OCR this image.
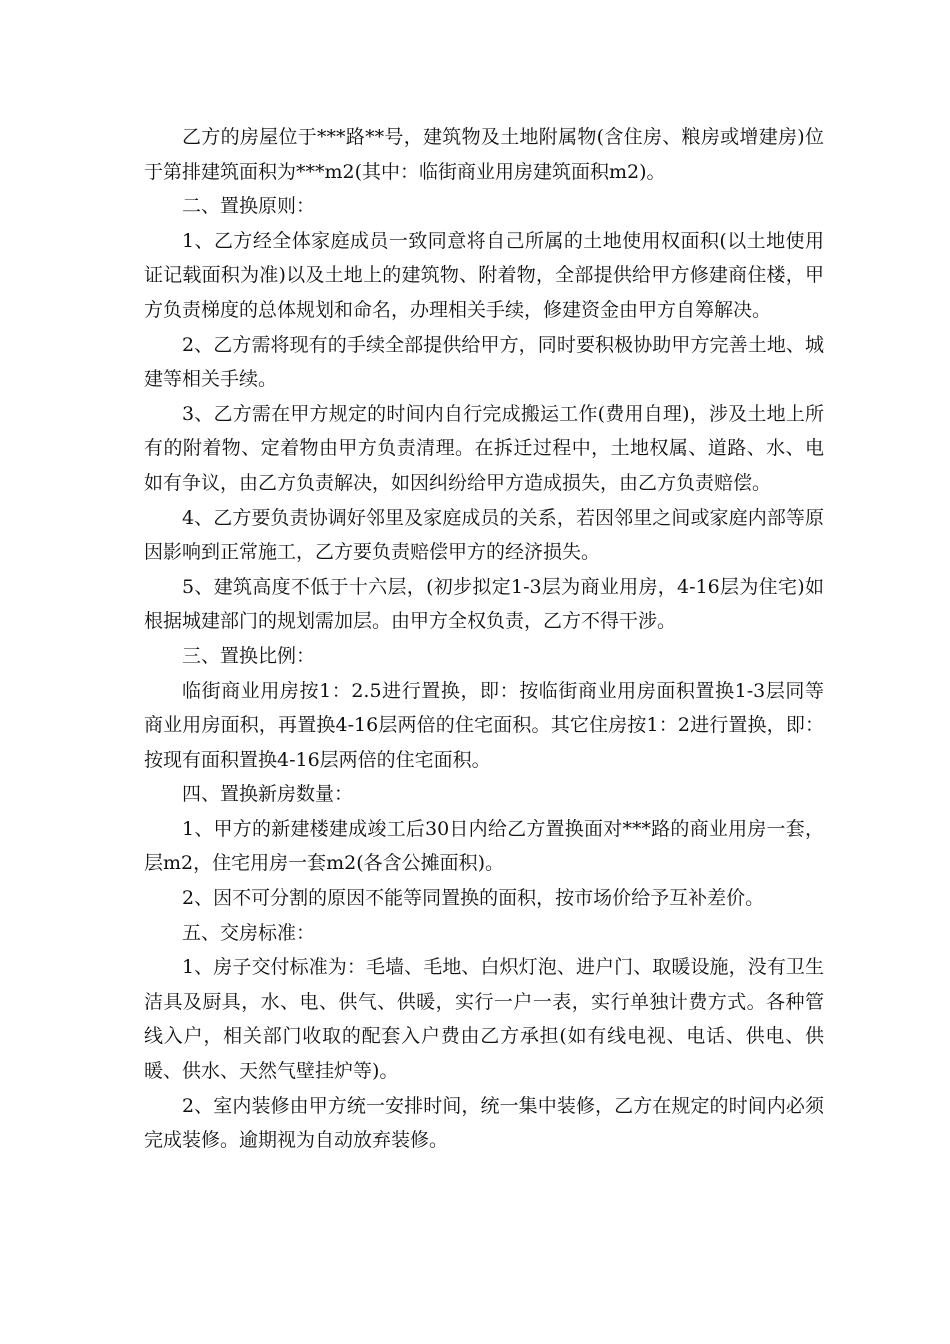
乙方的房屋位于***路**号，建筑物及土地附属物(含住房、粮房或增建房)位于第排建筑面积为***m2(其中：临街商业用房建筑面积m2)。

二、置换原则：

1、乙方经全体家庭成员一致同意将自己所属的土地使用权面积(以土地使用证记载面积为准)以及土地上的建筑物、附着物，全部提供给甲方修建商住楼，甲方负责梯度的总体规划和命名，办理相关手续，修建资金由甲方自筹解决。

2、乙方需将现有的手续全部提供给甲方，同时要积极协助甲方完善土地、城建等相关手续。

3、乙方需在甲方规定的时间内自行完成搬运工作(费用自理)，涉及土地上所有的附着物、定着物由甲方负责清理。在拆迁过程中，土地权属、道路、水、电如有争议，由乙方负责解决，如因纠纷给甲方造成损失，由乙方负责赔偿。

4、乙方要负责协调好邻里及家庭成员的关系，若因邻里之间或家庭内部等原因影响到正常施工，乙方要负责赔偿甲方的经济损失。

5、建筑高度不低于十六层，(初步拟定1-3层为商业用房，4-16层为住宅)如根据城建部门的规划需加层。由甲方全权负责，乙方不得干涉。

三、置换比例：

临街商业用房按1：2.5进行置换，即：按临街商业用房面积置换1-3层同等商业用房面积，再置换4-16层两倍的住宅面积。其它住房按1：2进行置换，即：按现有面积置换4-16层两倍的住宅面积。

四、置换新房数量：

1、甲方的新建楼建成竣工后30日内给乙方置换面对***路的商业用房一套，层m2，住宅用房一套m2(各含公摊面积)。

2、因不可分割的原因不能等同置换的面积，按市场价给予互补差价。

五、交房标准：

1、房子交付标准为：毛墙、毛地、白炽灯泡、进户门、取暖设施，没有卫生洁具及厨具，水、电、供气、供暖，实行一户一表，实行单独计费方式。各种管线入户，相关部门收取的配套入户费由乙方承担(如有线电视、电话、供电、供暖、供水、天然气壁挂炉等)。

2、室内装修由甲方统一安排时间，统一集中装修，乙方在规定的时间内必须完成装修。逾期视为自动放弃装修。
